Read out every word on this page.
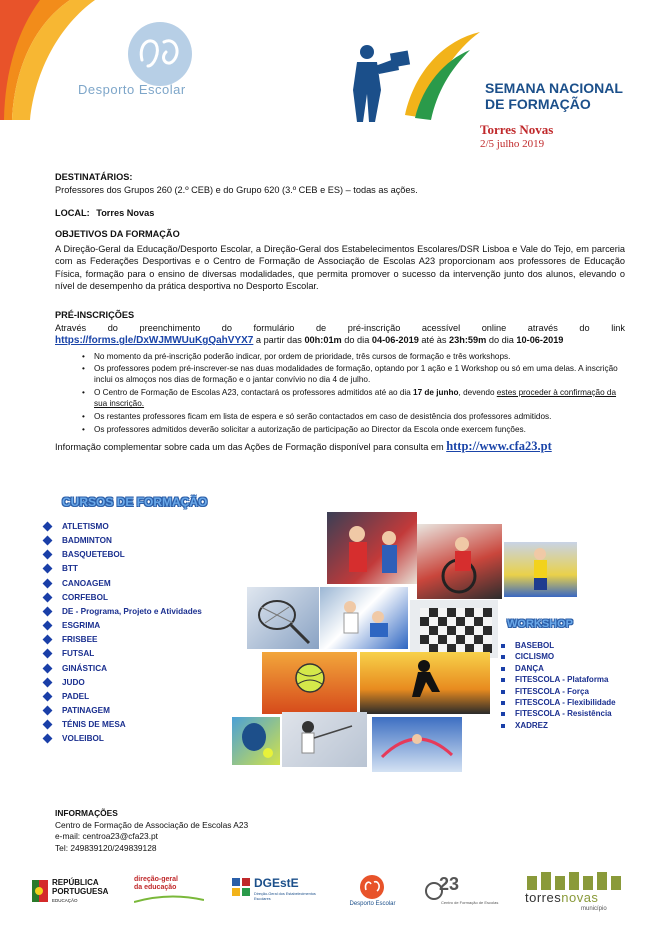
Desporto Escolar	SEMANA NACIONAL
DE FORMAÇÃO
Torres Novas
2/5 julho 2019
DESTINATÁRIOS:
Professores dos Grupos 260 (2.º CEB) e do Grupo 620 (3.º CEB e ES) – todas as ações.
LOCAL: Torres Novas
OBJETIVOS DA FORMAÇÃO
A Direção-Geral da Educação/Desporto Escolar, a Direção-Geral dos Estabelecimentos Escolares/DSR Lisboa e Vale do Tejo, em parceria com as Federações Desportivas e o Centro de Formação de Associação de Escolas A23 proporcionam aos professores de Educação Física, formação para o ensino de diversas modalidades, que permita promover o sucesso da intervenção junto dos alunos, elevando o nível de desempenho da prática desportiva no Desporto Escolar.
PRÉ-INSCRIÇÕES
Através do preenchimento do formulário de pré-inscrição acessível online através do link
https://forms.gle/DxWJMWUuKgQahVYX7 a partir das 00h:01m do dia 04-06-2019 até às 23h:59m do dia 10-06-2019
• No momento da pré-inscrição poderão indicar, por ordem de prioridade, três cursos de formação e três workshops.
• Os professores podem pré-inscrever-se nas duas modalidades de formação, optando por 1 ação e 1 Workshop ou só em uma delas. A inscrição inclui os almoços nos dias de formação e o jantar convívio no dia 4 de julho.
• O Centro de Formação de Escolas A23, contactará os professores admitidos até ao dia 17 de junho, devendo estes proceder à confirmação da sua inscrição.
• Os restantes professores ficam em lista de espera e só serão contactados em caso de desistência dos professores admitidos.
• Os professores admitidos deverão solicitar a autorização de participação ao Director da Escola onde exercem funções.
Informação complementar sobre cada um das Ações de Formação disponível para consulta em http://www.cfa23.pt
CURSOS DE FORMAÇÃO
ATLETISMO
BADMINTON
BASQUETEBOL
BTT
CANOAGEM
CORFEBOL
DE - Programa, Projeto e Atividades
ESGRIMA
FRISBEE
FUTSAL
GINÁSTICA
JUDO
PADEL
PATINAGEM
TÉNIS DE MESA
VOLEIBOL
WORKSHOP
BASEBOL
CICLISMO
DANÇA
FITESCOLA - Plataforma
FITESCOLA - Força
FITESCOLA - Flexibilidade
FITESCOLA - Resistência
XADREZ
INFORMAÇÕES
Centro de Formação de Associação de Escolas A23
e-mail: centroa23@cfa23.pt
Tel: 249839120/249839128
REPÚBLICA
PORTUGUESA
EDUCAÇÃO
direção-geral
da educação	DGEstE
Direção-Geral dos Estabelecimentos Escolares
Desporto Escolar
23
Centro de Formação de Escolas torresnovas
município
